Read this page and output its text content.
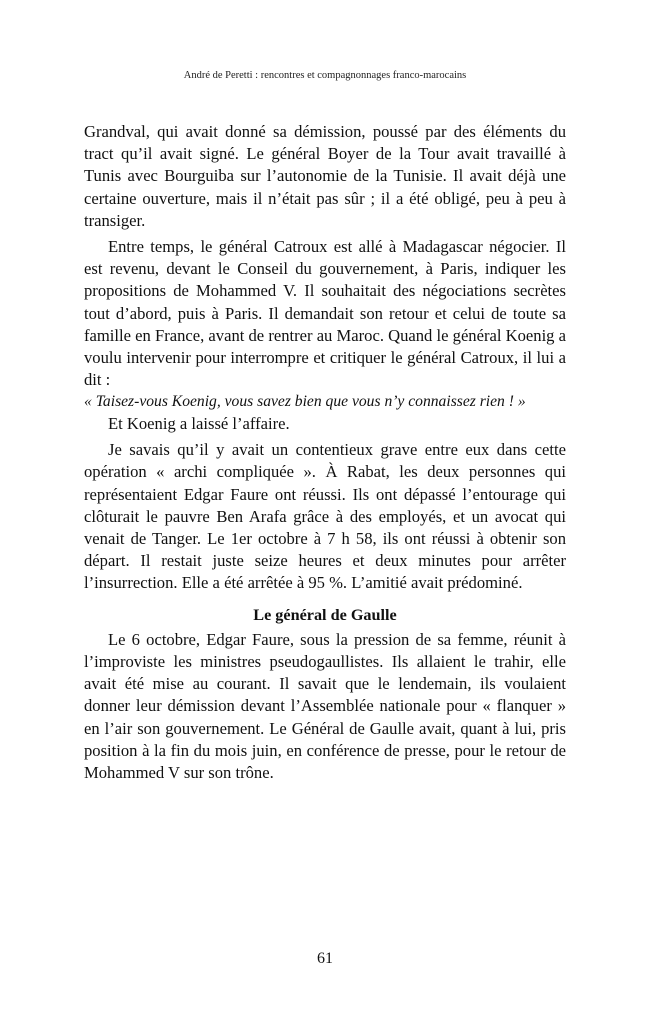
André de Peretti : rencontres et compagnonnages franco-marocains

Grandval, qui avait donné sa démission, poussé par des éléments du tract qu’il avait signé. Le général Boyer de la Tour avait travaillé à Tunis avec Bourguiba sur l’autonomie de la Tunisie. Il avait déjà une certaine ouverture, mais il n’était pas sûr ; il a été obligé, peu à peu à transiger.

Entre temps, le général Catroux est allé à Madagascar négocier. Il est revenu, devant le Conseil du gouvernement, à Paris, indiquer les propositions de Mohammed V. Il souhaitait des négociations secrètes tout d’abord, puis à Paris. Il demandait son retour et celui de toute sa famille en France, avant de rentrer au Maroc. Quand le général Koenig a voulu intervenir pour interrompre et critiquer le général Catroux, il lui a dit :

« Taisez-vous Koenig, vous savez bien que vous n’y connaissez rien ! »

Et Koenig a laissé l’affaire.

Je savais qu’il y avait un contentieux grave entre eux dans cette opération « archi compliquée ». À Rabat, les deux personnes qui représentaient Edgar Faure ont réussi. Ils ont dépassé l’entourage qui clôturait le pauvre Ben Arafa grâce à des employés, et un avocat qui venait de Tanger. Le 1er octobre à 7 h 58, ils ont réussi à obtenir son départ. Il restait juste seize heures et deux minutes pour arrêter l’insurrection. Elle a été arrêtée à 95 %. L’amitié avait prédominé.

Le général de Gaulle

Le 6 octobre, Edgar Faure, sous la pression de sa femme, réunit à l’improviste les ministres pseudogaullistes. Ils allaient le trahir, elle avait été mise au courant. Il savait que le lendemain, ils voulaient donner leur démission devant l’Assemblée nationale pour « flanquer » en l’air son gouvernement. Le Général de Gaulle avait, quant à lui, pris position à la fin du mois juin, en conférence de presse, pour le retour de Mohammed V sur son trône.

61
